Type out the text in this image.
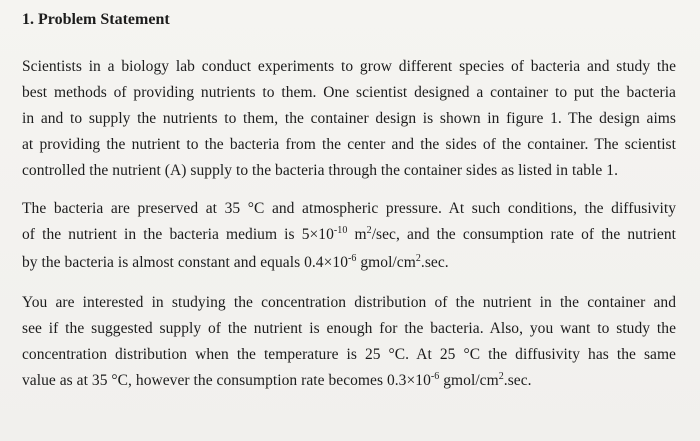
1. Problem Statement
Scientists in a biology lab conduct experiments to grow different species of bacteria and study the
best methods of providing nutrients to them. One scientist designed a container to put the bacteria
in and to supply the nutrients to them, the container design is shown in figure 1. The design aims
at providing the nutrient to the bacteria from the center and the sides of the container. The scientist
controlled the nutrient (A) supply to the bacteria through the container sides as listed in table 1.
The bacteria are preserved at 35 °C and atmospheric pressure. At such conditions, the diffusivity
of the nutrient in the bacteria medium is $5\times 10^{-10}$ $m^2/\sec$, and the consumption rate of the nutrient
by the bacteria is almost constant and equals $0.4\times 10^{-6}$ gmol/$cm^2.\sec$.
You are interested in studying the concentration distribution of the nutrient in the container and
see if the suggested supply of the nutrient is enough for the bacteria. Also, you want to study the
concentration distribution when the temperature is 25 °C. At 25 °C the diffusivity has the same
value as at 35 °C, however the consumption rate becomes $0.3\times 10^{-6}$ gmol/$cm^2.\sec$.
